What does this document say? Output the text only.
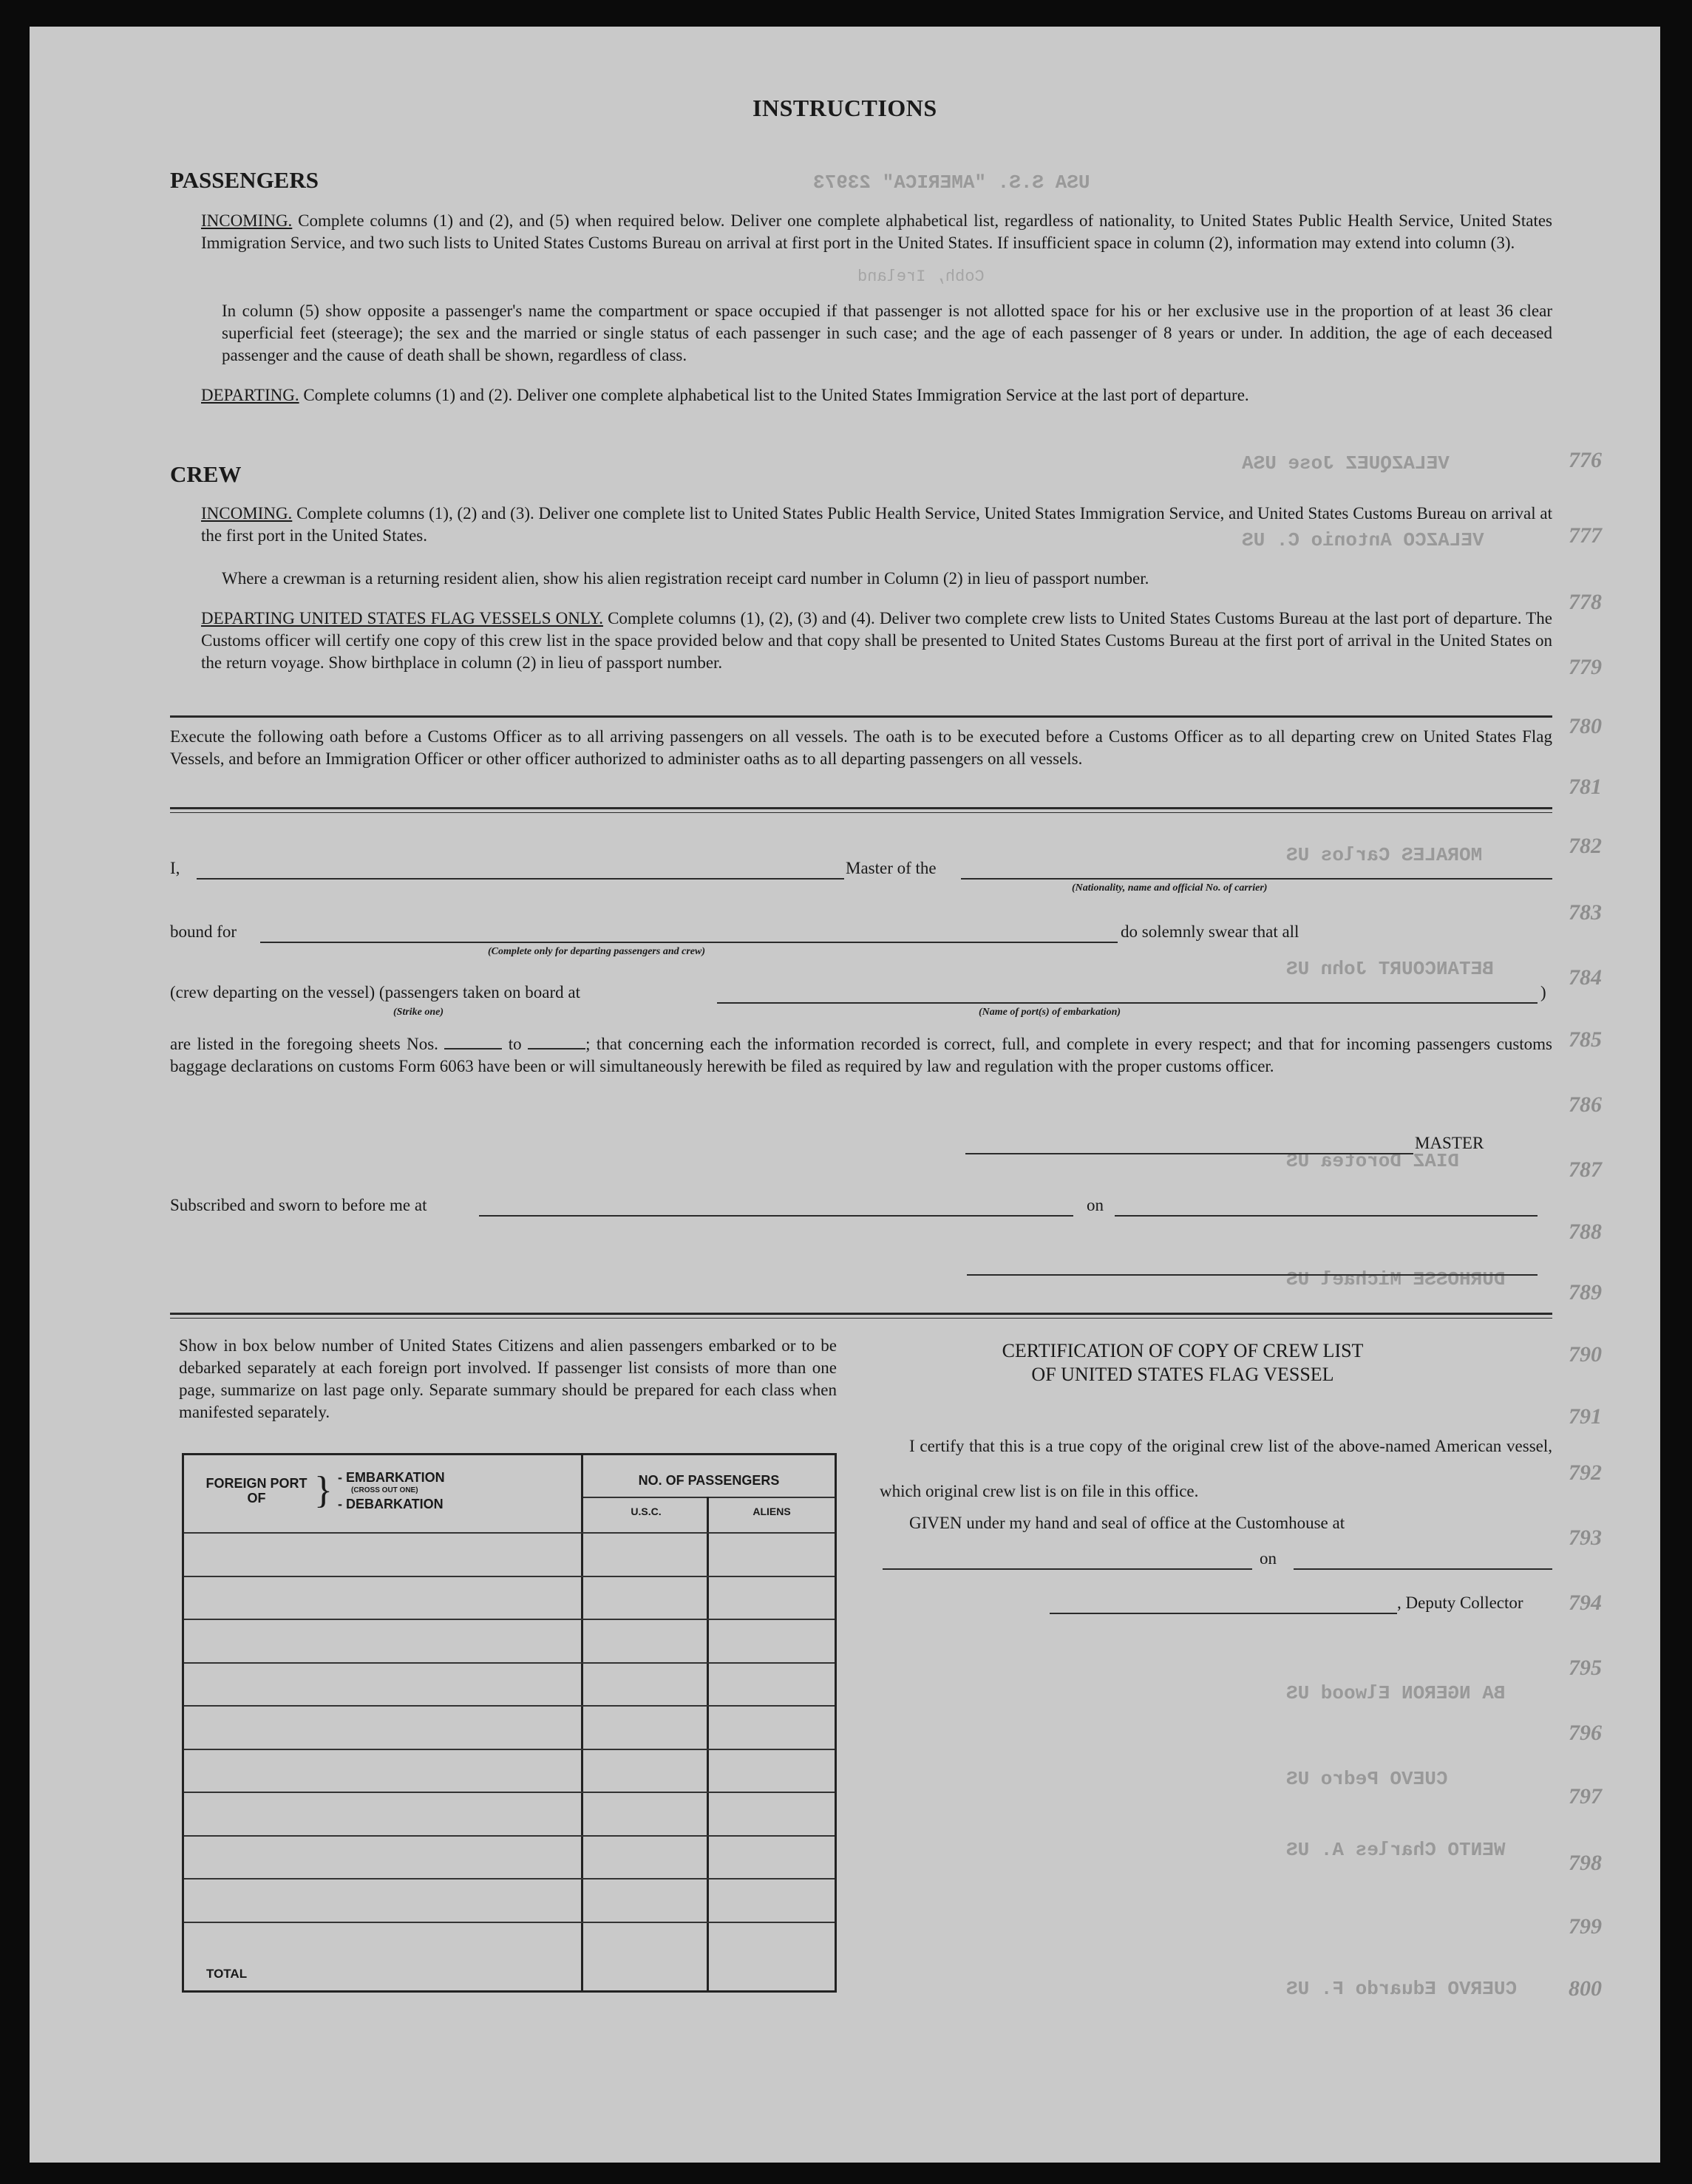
USA S.S. "AMERICA" 23973
Cobh, Ireland
VELAZQUEZ Jose USA
VELAZCO Antonio C. US
MORALES Carlos US
BETANCOURT John US
DIAZ Dorotea US
DURHOSSE Michael US
BA NGERON Elwood US
CUEVO Pedro US
WENTO Charles A. US
CUERVO Eduardo F. US
776
777
778
779
780
781
782
783
784
785
786
787
788
789
790
791
792
793
794
795
796
797
798
799
800
INSTRUCTIONS
PASSENGERS
INCOMING. Complete columns (1) and (2), and (5) when required below. Deliver one complete alphabetical list, regardless of nationality, to United States Public Health Service, United States Immigration Service, and two such lists to United States Customs Bureau on arrival at first port in the United States. If insufficient space in column (2), information may extend into column (3).
In column (5) show opposite a passenger's name the compartment or space occupied if that passenger is not allotted space for his or her exclusive use in the proportion of at least 36 clear superficial feet (steerage); the sex and the married or single status of each passenger in such case; and the age of each passenger of 8 years or under. In addition, the age of each deceased passenger and the cause of death shall be shown, regardless of class.
DEPARTING. Complete columns (1) and (2). Deliver one complete alphabetical list to the United States Immigration Service at the last port of departure.
CREW
INCOMING. Complete columns (1), (2) and (3). Deliver one complete list to United States Public Health Service, United States Immigration Service, and United States Customs Bureau on arrival at the first port in the United States.
Where a crewman is a returning resident alien, show his alien registration receipt card number in Column (2) in lieu of passport number.
DEPARTING UNITED STATES FLAG VESSELS ONLY. Complete columns (1), (2), (3) and (4). Deliver two complete crew lists to United States Customs Bureau at the last port of departure. The Customs officer will certify one copy of this crew list in the space provided below and that copy shall be presented to United States Customs Bureau at the first port of arrival in the United States on the return voyage. Show birthplace in column (2) in lieu of passport number.
Execute the following oath before a Customs Officer as to all arriving passengers on all vessels. The oath is to be executed before a Customs Officer as to all departing crew on United States Flag Vessels, and before an Immigration Officer or other officer authorized to administer oaths as to all departing passengers on all vessels.
I,	Master of the
(Nationality, name and official No. of carrier)
bound for	do solemnly swear that all
(Complete only for departing passengers and crew)
(crew departing on the vessel) (passengers taken on board at	)
(Strike one)	(Name of port(s) of embarkation)
are listed in the foregoing sheets Nos.	to	; that concerning each the information recorded is correct, full, and complete in every respect; and that for incoming passengers customs baggage declarations on customs Form 6063 have been or will simultaneously herewith be filed as required by law and regulation with the proper customs officer.
MASTER
Subscribed and sworn to before me at	on
Show in box below number of United States Citizens and alien passengers embarked or to be debarked separately at each foreign port involved. If passenger list consists of more than one page, summarize on last page only. Separate summary should be prepared for each class when manifested separately.
FOREIGN PORT OF	} - EMBARKATION
(CROSS OUT ONE)
- DEBARKATION
NO. OF PASSENGERS
U.S.C.	ALIENS
TOTAL
CERTIFICATION OF COPY OF CREW LIST
OF UNITED STATES FLAG VESSEL
I certify that this is a true copy of the original crew list of the above-named American vessel, which original crew list is on file in this office.
GIVEN under my hand and seal of office at the Customhouse at
on
, Deputy Collector
